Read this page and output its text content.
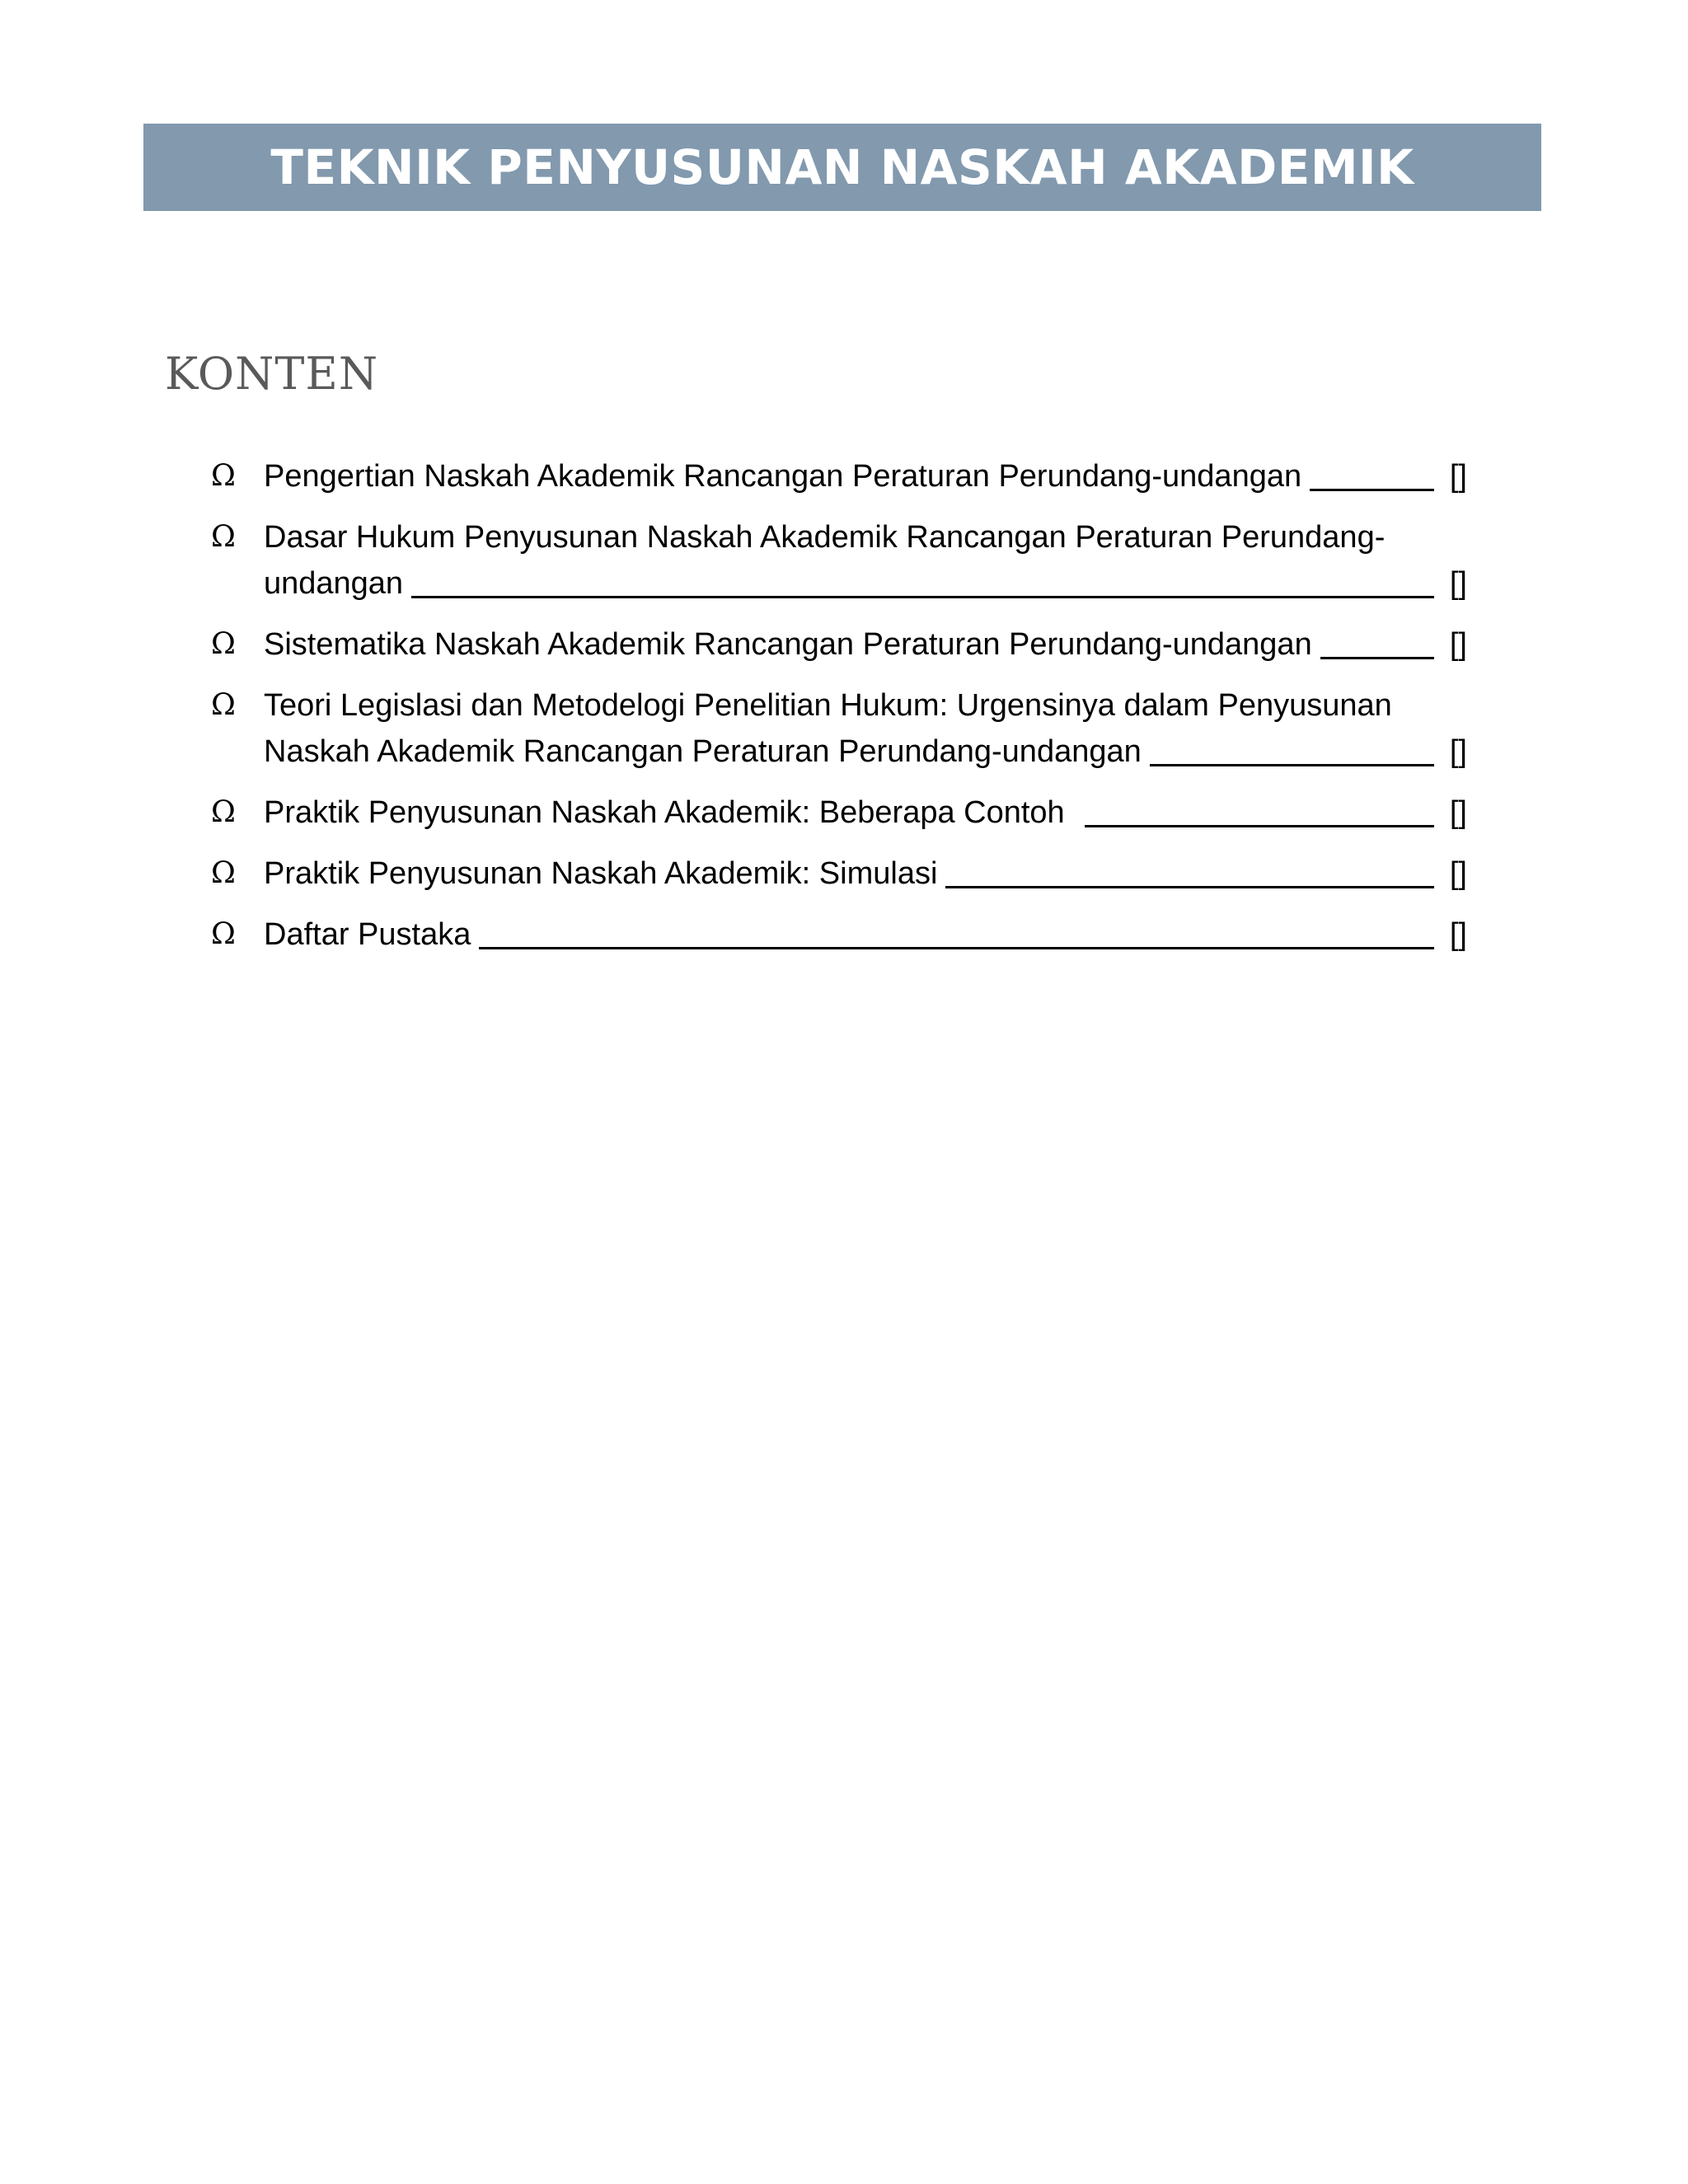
TEKNIK PENYUSUNAN NASKAH AKADEMIK
KONTEN
Ω Pengertian Naskah Akademik Rancangan Peraturan Perundang-undangan	[]
Ω Dasar Hukum Penyusunan Naskah Akademik Rancangan Peraturan Perundang-
undangan	[]
Ω Sistematika Naskah Akademik Rancangan Peraturan Perundang-undangan	[]
Ω Teori Legislasi dan Metodelogi Penelitian Hukum: Urgensinya dalam Penyusunan
Naskah Akademik Rancangan Peraturan Perundang-undangan	[]
Ω Praktik Penyusunan Naskah Akademik: Beberapa Contoh	[]
Ω Praktik Penyusunan Naskah Akademik: Simulasi	[]
Ω Daftar Pustaka	[]
